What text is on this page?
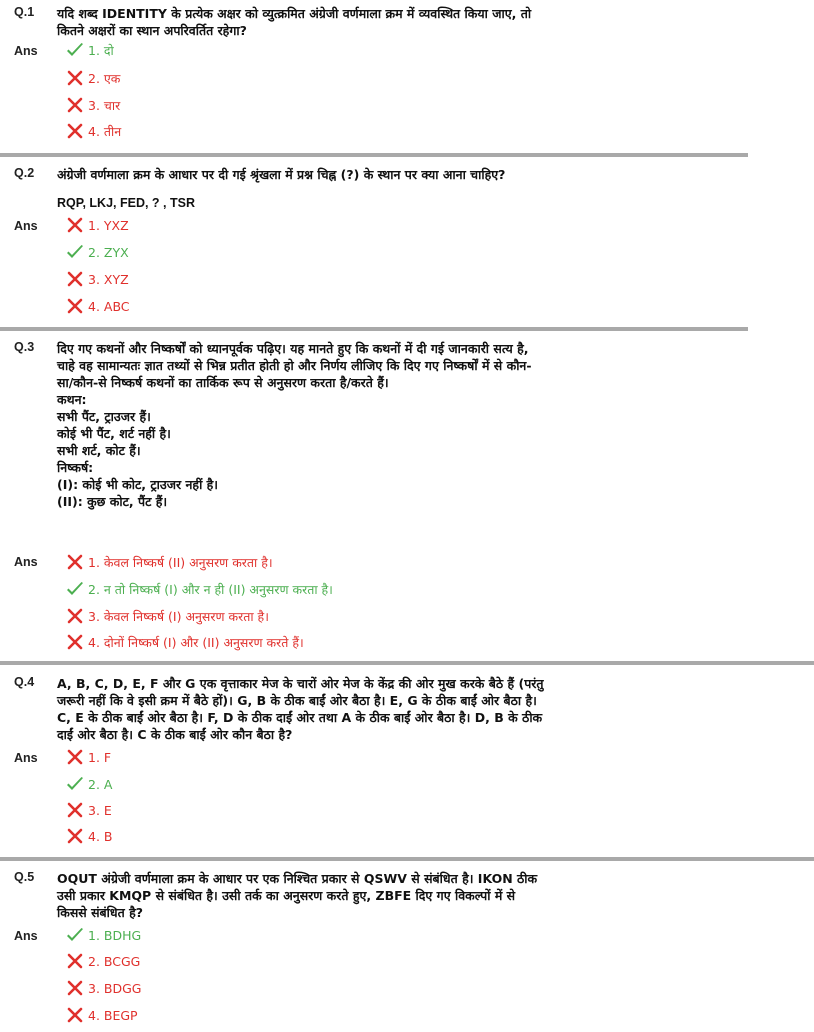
Q.1 यदि शब्द IDENTITY के प्रत्येक अक्षर को व्युत्क्रमित अंग्रेजी वर्णमाला क्रम में व्यवस्थित किया जाए, तो

कितने अक्षरों का स्थान अपरिवर्तित रहेगा?

Ans	1. दो
2. एक
3. चार
4. तीन
Q.2 अंग्रेजी वर्णमाला क्रम के आधार पर दी गई श्रृंखला में प्रश्न चिह्न (?) के स्थान पर क्या आना चाहिए?

RQP, LKJ, FED, ? , TSR

Ans	1. YXZ
2. ZYX
3. XYZ
4. ABC
Q.3 दिए गए कथनों और निष्कर्षों को ध्यानपूर्वक पढ़िए। यह मानते हुए कि कथनों में दी गई जानकारी सत्य है,

चाहे वह सामान्यतः ज्ञात तथ्यों से भिन्न प्रतीत होती हो और निर्णय लीजिए कि दिए गए निष्कर्षों में से कौन-

सा/कौन-से निष्कर्ष कथनों का तार्किक रूप से अनुसरण करता है/करते हैं।

कथन:

सभी पैंट, ट्राउजर हैं।

कोई भी पैंट, शर्ट नहीं है।

सभी शर्ट, कोट हैं।

निष्कर्ष:

(I): कोई भी कोट, ट्राउजर नहीं है।

(II): कुछ कोट, पैंट हैं।

Ans	1. केवल निष्कर्ष (II) अनुसरण करता है।
2. न तो निष्कर्ष (I) और न ही (II) अनुसरण करता है।
3. केवल निष्कर्ष (I) अनुसरण करता है।
4. दोनों निष्कर्ष (I) और (II) अनुसरण करते हैं।
Q.4 A, B, C, D, E, F और G एक वृत्ताकार मेज के चारों ओर मेज के केंद्र की ओर मुख करके बैठे हैं (परंतु

जरूरी नहीं कि वे इसी क्रम में बैठे हों)। G, B के ठीक बाईं ओर बैठा है। E, G के ठीक बाईं ओर बैठा है।

C, E के ठीक बाईं ओर बैठा है। F, D के ठीक दाईं ओर तथा A के ठीक बाईं ओर बैठा है। D, B के ठीक

दाईं ओर बैठा है। C के ठीक बाईं ओर कौन बैठा है?

Ans	1. F
2. A
3. E
4. B
Q.5 OQUT अंग्रेजी वर्णमाला क्रम के आधार पर एक निश्चित प्रकार से QSWV से संबंधित है। IKON ठीक

उसी प्रकार KMQP से संबंधित है। उसी तर्क का अनुसरण करते हुए, ZBFE दिए गए विकल्पों में से

किससे संबंधित है?

Ans	1. BDHG
2. BCGG
3. BDGG
4. BEGP
